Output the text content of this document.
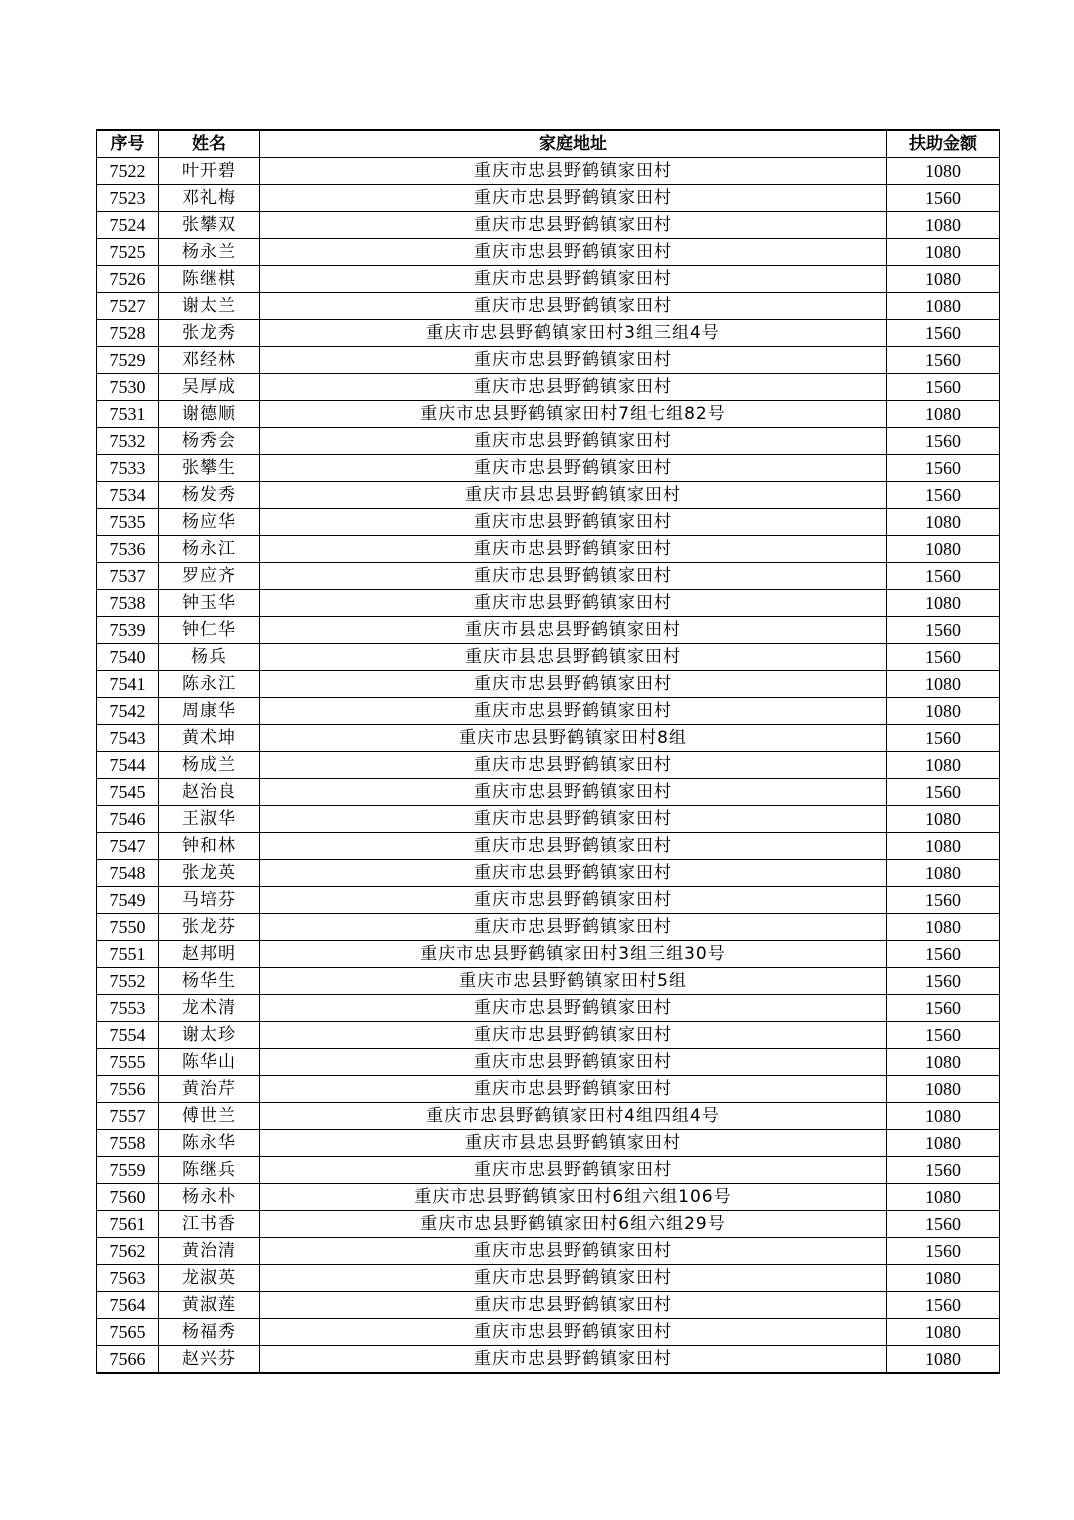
序号	姓名	家庭地址	扶助金额
7522	叶开碧	重庆市忠县野鹤镇家田村	1080
7523	邓礼梅	重庆市忠县野鹤镇家田村	1560
7524	张攀双	重庆市忠县野鹤镇家田村	1080
7525	杨永兰	重庆市忠县野鹤镇家田村	1080
7526	陈继棋	重庆市忠县野鹤镇家田村	1080
7527	谢太兰	重庆市忠县野鹤镇家田村	1080
7528	张龙秀	重庆市忠县野鹤镇家田村3组三组4号	1560
7529	邓经林	重庆市忠县野鹤镇家田村	1560
7530	吴厚成	重庆市忠县野鹤镇家田村	1560
7531	谢德顺	重庆市忠县野鹤镇家田村7组七组82号	1080
7532	杨秀会	重庆市忠县野鹤镇家田村	1560
7533	张攀生	重庆市忠县野鹤镇家田村	1560
7534	杨发秀	重庆市县忠县野鹤镇家田村	1560
7535	杨应华	重庆市忠县野鹤镇家田村	1080
7536	杨永江	重庆市忠县野鹤镇家田村	1080
7537	罗应齐	重庆市忠县野鹤镇家田村	1560
7538	钟玉华	重庆市忠县野鹤镇家田村	1080
7539	钟仁华	重庆市县忠县野鹤镇家田村	1560
7540	杨兵	重庆市县忠县野鹤镇家田村	1560
7541	陈永江	重庆市忠县野鹤镇家田村	1080
7542	周康华	重庆市忠县野鹤镇家田村	1080
7543	黄术坤	重庆市忠县野鹤镇家田村8组	1560
7544	杨成兰	重庆市忠县野鹤镇家田村	1080
7545	赵治良	重庆市忠县野鹤镇家田村	1560
7546	王淑华	重庆市忠县野鹤镇家田村	1080
7547	钟和林	重庆市忠县野鹤镇家田村	1080
7548	张龙英	重庆市忠县野鹤镇家田村	1080
7549	马培芬	重庆市忠县野鹤镇家田村	1560
7550	张龙芬	重庆市忠县野鹤镇家田村	1080
7551	赵邦明	重庆市忠县野鹤镇家田村3组三组30号	1560
7552	杨华生	重庆市忠县野鹤镇家田村5组	1560
7553	龙术清	重庆市忠县野鹤镇家田村	1560
7554	谢太珍	重庆市忠县野鹤镇家田村	1560
7555	陈华山	重庆市忠县野鹤镇家田村	1080
7556	黄治芹	重庆市忠县野鹤镇家田村	1080
7557	傅世兰	重庆市忠县野鹤镇家田村4组四组4号	1080
7558	陈永华	重庆市县忠县野鹤镇家田村	1080
7559	陈继兵	重庆市忠县野鹤镇家田村	1560
7560	杨永朴	重庆市忠县野鹤镇家田村6组六组106号	1080
7561	江书香	重庆市忠县野鹤镇家田村6组六组29号	1560
7562	黄治清	重庆市忠县野鹤镇家田村	1560
7563	龙淑英	重庆市忠县野鹤镇家田村	1080
7564	黄淑莲	重庆市忠县野鹤镇家田村	1560
7565	杨福秀	重庆市忠县野鹤镇家田村	1080
7566	赵兴芬	重庆市忠县野鹤镇家田村	1080
